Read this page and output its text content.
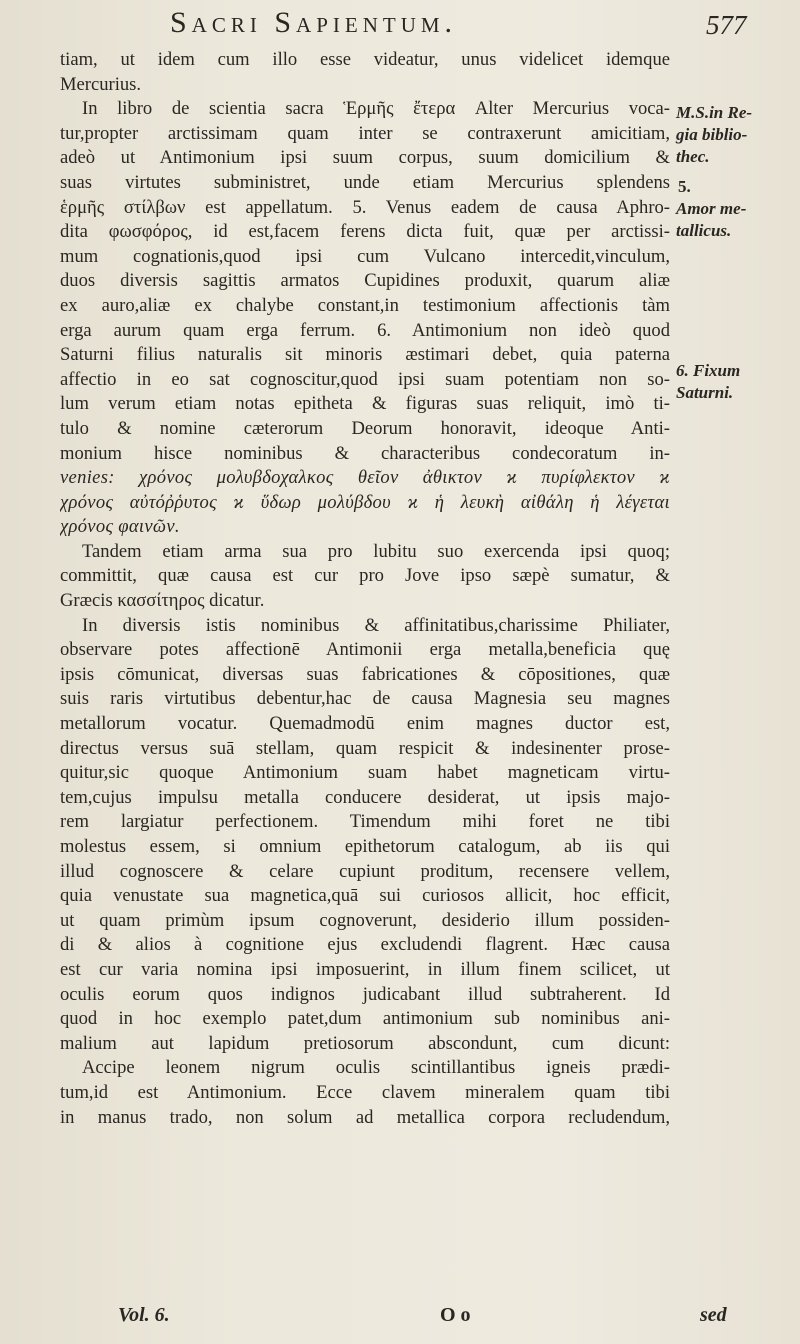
Sacri Sapientum.	577
tiam, ut idem cum illo esse videatur, unus videlicet idemque
Mercurius.
In libro de scientia sacra Ἑρμῆς ἔτερα Alter Mercurius voca-
tur,propter arctissimam quam inter se contraxerunt amicitiam,
adeò ut Antimonium ipsi suum corpus, suum domicilium &
suas virtutes subministret, unde etiam Mercurius splendens
ἑρμῆς στίλβων est appellatum. 5. Venus eadem de causa Aphro-
dita φωσφόρος, id est,facem ferens dicta fuit, quæ per arctissi-
mum cognationis,quod ipsi cum Vulcano intercedit,vinculum,
duos diversis sagittis armatos Cupidines produxit, quarum aliæ
ex auro,aliæ ex chalybe constant,in testimonium affectionis tàm
erga aurum quam erga ferrum. 6. Antimonium non ideò quod
Saturni filius naturalis sit minoris æstimari debet, quia paterna
affectio in eo sat cognoscitur,quod ipsi suam potentiam non so-
lum verum etiam notas epitheta & figuras suas reliquit, imò ti-
tulo & nomine cæterorum Deorum honoravit, ideoque Anti-
monium hisce nominibus & characteribus condecoratum in-
venies: χρόνος μολυβδοχαλκος θεῖον ἀθικτον ϰ πυρίφλεκτον ϰ
χρόνος αὐτόῤῥυτος ϰ ὕδωρ μολύβδου ϰ ἡ λευκὴ αἰθάλη ἡ λέγεται
χρόνος φαινῶν.
Tandem etiam arma sua pro lubitu suo exercenda ipsi quoq;
committit, quæ causa est cur pro Jove ipso sæpè sumatur, &
Græcis κασσίτηρος dicatur.
In diversis istis nominibus & affinitatibus,charissime Philiater,
observare potes affectionē Antimonii erga metalla,beneficia quę
ipsis cōmunicat, diversas suas fabricationes & cōpositiones, quæ
suis raris virtutibus debentur,hac de causa Magnesia seu magnes
metallorum vocatur. Quemadmodū enim magnes ductor est,
directus versus suā stellam, quam respicit & indesinenter prose-
quitur,sic quoque Antimonium suam habet magneticam virtu-
tem,cujus impulsu metalla conducere desiderat, ut ipsis majo-
rem largiatur perfectionem. Timendum mihi foret ne tibi
molestus essem, si omnium epithetorum catalogum, ab iis qui
illud cognoscere & celare cupiunt proditum, recensere vellem,
quia venustate sua magnetica,quā sui curiosos allicit, hoc efficit,
ut quam primùm ipsum cognoverunt, desiderio illum possiden-
di & alios à cognitione ejus excludendi flagrent. Hæc causa
est cur varia nomina ipsi imposuerint, in illum finem scilicet, ut
oculis eorum quos indignos judicabant illud subtraherent. Id
quod in hoc exemplo patet,dum antimonium sub nominibus ani-
malium aut lapidum pretiosorum abscondunt, cum dicunt:
Accipe leonem nigrum oculis scintillantibus igneis prædi-
tum,id est Antimonium. Ecce clavem mineralem quam tibi
in manus trado, non solum ad metallica corpora recludendum,
M.S.in Re-
gia biblio-
thec.
5.
Amor me-
tallicus.
6. Fixum
Saturni.
Vol. 6.	O o	sed
